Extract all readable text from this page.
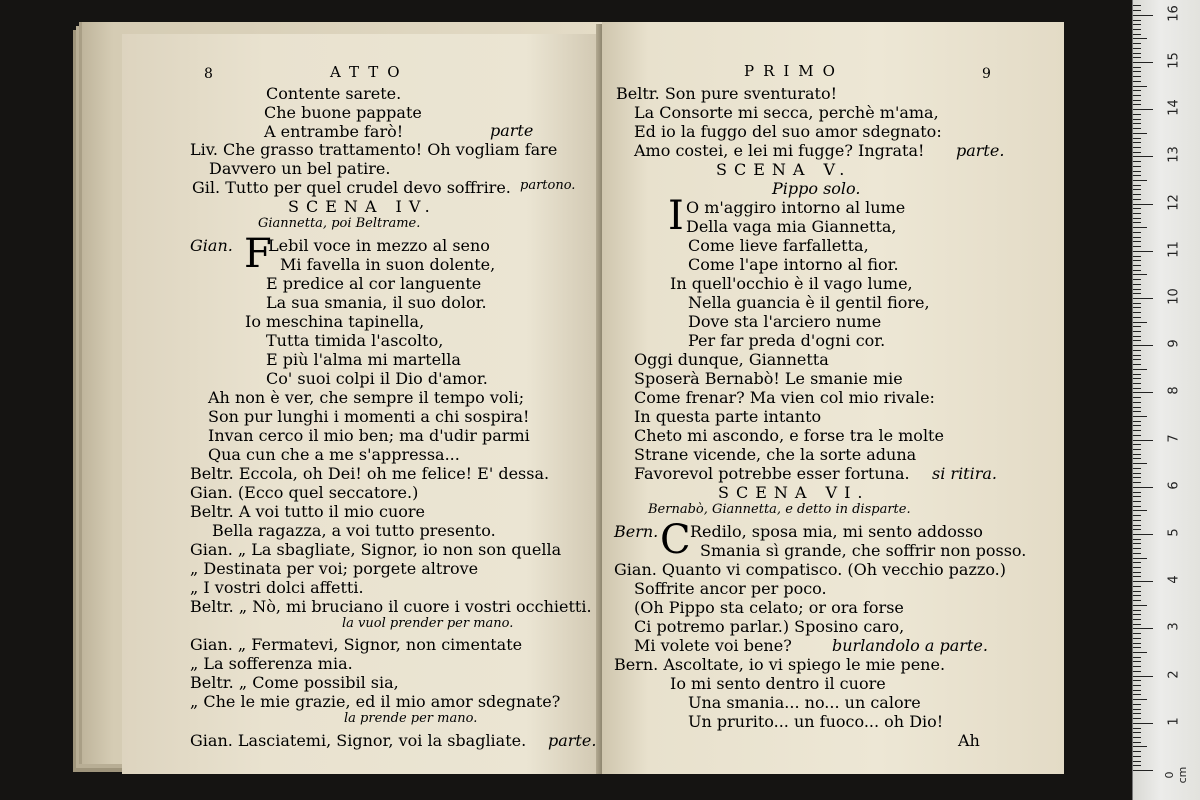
8	ATTO
Contente sarete.
Che buone pappate
A entrambe farò!	parte
Liv. Che grasso trattamento! Oh vogliam fare
Davvero un bel patire.
Gil. Tutto per quel crudel devo soffrire. partono.
SCENA IV.
Giannetta, poi Beltrame.
Gian. F
Lebil voce in mezzo al seno
Mi favella in suon dolente,
E predice al cor languente
La sua smania, il suo dolor.
Io meschina tapinella,
Tutta timida l'ascolto,
E più l'alma mi martella
Co' suoi colpi il Dio d'amor.
Ah non è ver, che sempre il tempo voli;
Son pur lunghi i momenti a chi sospira!
Invan cerco il mio ben; ma d'udir parmi
Qua cun che a me s'appressa...
Beltr. Eccola, oh Dei! oh me felice! E' dessa.
Gian. (Ecco quel seccatore.)
Beltr. A voi tutto il mio cuore
Bella ragazza, a voi tutto presento.
Gian. „ La sbagliate, Signor, io non son quella
„ Destinata per voi; porgete altrove
„ I vostri dolci affetti.
Beltr. „ Nò, mi bruciano il cuore i vostri occhietti.
la vuol prender per mano.
Gian. „ Fermatevi, Signor, non cimentate
„ La sofferenza mia.
Beltr. „ Come possibil sia,
„ Che le mie grazie, ed il mio amor sdegnate?
la prende per mano.
Gian. Lasciatemi, Signor, voi la sbagliate. parte.
PRIMO	9
Beltr. Son pure sventurato!
La Consorte mi secca, perchè m'ama,
Ed io la fuggo del suo amor sdegnato:
Amo costei, e lei mi fugge? Ingrata! parte.
SCENA V.
Pippo solo.
I O m'aggiro intorno al lume
Della vaga mia Giannetta,
Come lieve farfalletta,
Come l'ape intorno al fior.
In quell'occhio è il vago lume,
Nella guancia è il gentil fiore,
Dove sta l'arciero nume
Per far preda d'ogni cor.
Oggi dunque, Giannetta
Sposerà Bernabò! Le smanie mie
Come frenar? Ma vien col mio rivale:
In questa parte intanto
Cheto mi ascondo, e forse tra le molte
Strane vicende, che la sorte aduna
Favorevol potrebbe esser fortuna. si ritira.
SCENA VI.
Bernabò, Giannetta, e detto in disparte.
Bern. C Redilo, sposa mia, mi sento addosso
Smania sì grande, che soffrir non posso.
Gian. Quanto vi compatisco. (Oh vecchio pazzo.)
Soffrite ancor per poco.
(Oh Pippo sta celato; or ora forse
Ci potremo parlar.) Sposino caro,
Mi volete voi bene?	burlandolo a parte.
Bern. Ascoltate, io vi spiego le mie pene.
Io mi sento dentro il cuore
Una smania... no... un calore
Un prurito... un fuoco... oh Dio!
Ah
0 cm
1
2
3
4
5
6
7
8
9
10
11
12
13
14
15
16
